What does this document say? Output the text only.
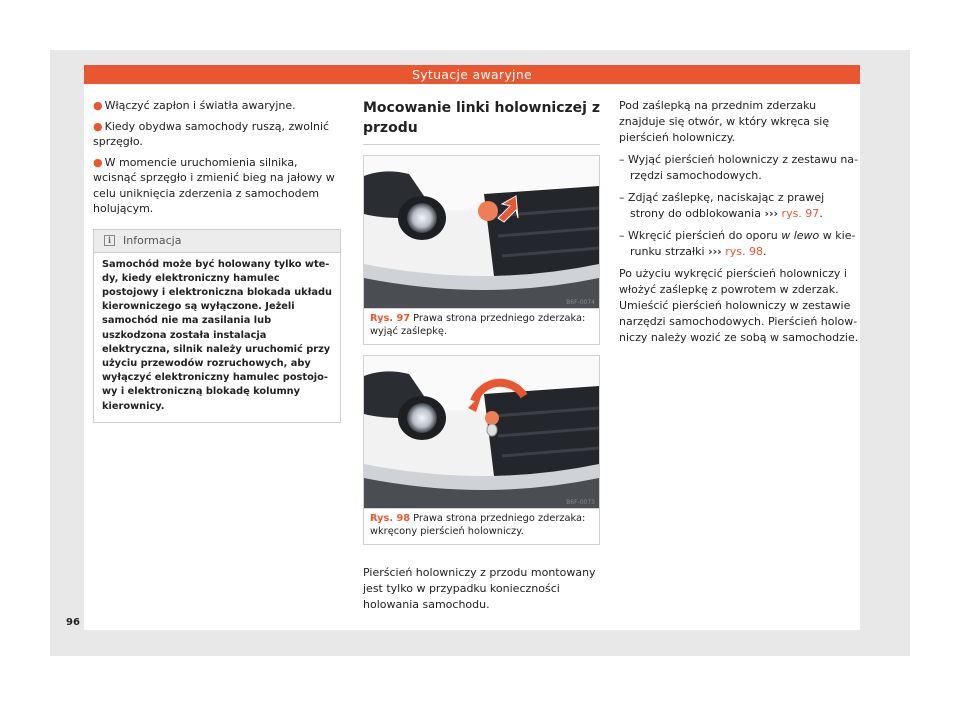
Sytuacje awaryjne
● Włączyć zapłon i światła awaryjne.
● Kiedy obydwa samochody ruszą, zwolnić sprzęgło.
● W momencie uruchomienia silnika, wcisnąć sprzęgło i zmienić bieg na jałowy w celu uniknięcia zderzenia z samochodem holującym.
i	Informacja
Samochód może być holowany tylko wtedy, kiedy elektroniczny hamulec postojowy i elektroniczna blokada układu kierowniczego są wyłączone. Jeżeli samochód nie ma zasilania lub uszkodzona została instalacja elektryczna, silnik należy uruchomić przy użyciu przewodów rozruchowych, aby wyłączyć elektroniczny hamulec postojowy i elektroniczną blokadę kolumny kierownicy.
Mocowanie linki holowniczej z przodu
B6F-0074
Rys. 97 Prawa strona przedniego zderzaka: wyjąć zaślepkę.
B6F-0073
Rys. 98 Prawa strona przedniego zderzaka: wkręcony pierścień holowniczy.
Pierścień holowniczy z przodu montowany jest tylko w przypadku konieczności holowania samochodu.

Pod zaślepką na przednim zderzaku znajduje się otwór, w który wkręca się pierścień holowniczy.

– Wyjąć pierścień holowniczy z zestawu narzędzi samochodowych.

– Zdjąć zaślepkę, naciskając z prawej strony do odblokowania ››› rys. 97.

– Wkręcić pierścień do oporu w lewo w kierunku strzałki ››› rys. 98.

Po użyciu wykręcić pierścień holowniczy i włożyć zaślepkę z powrotem w zderzak. Umieścić pierścień holowniczy w zestawie narzędzi samochodowych. Pierścień holowniczy należy wozić ze sobą w samochodzie.

96
